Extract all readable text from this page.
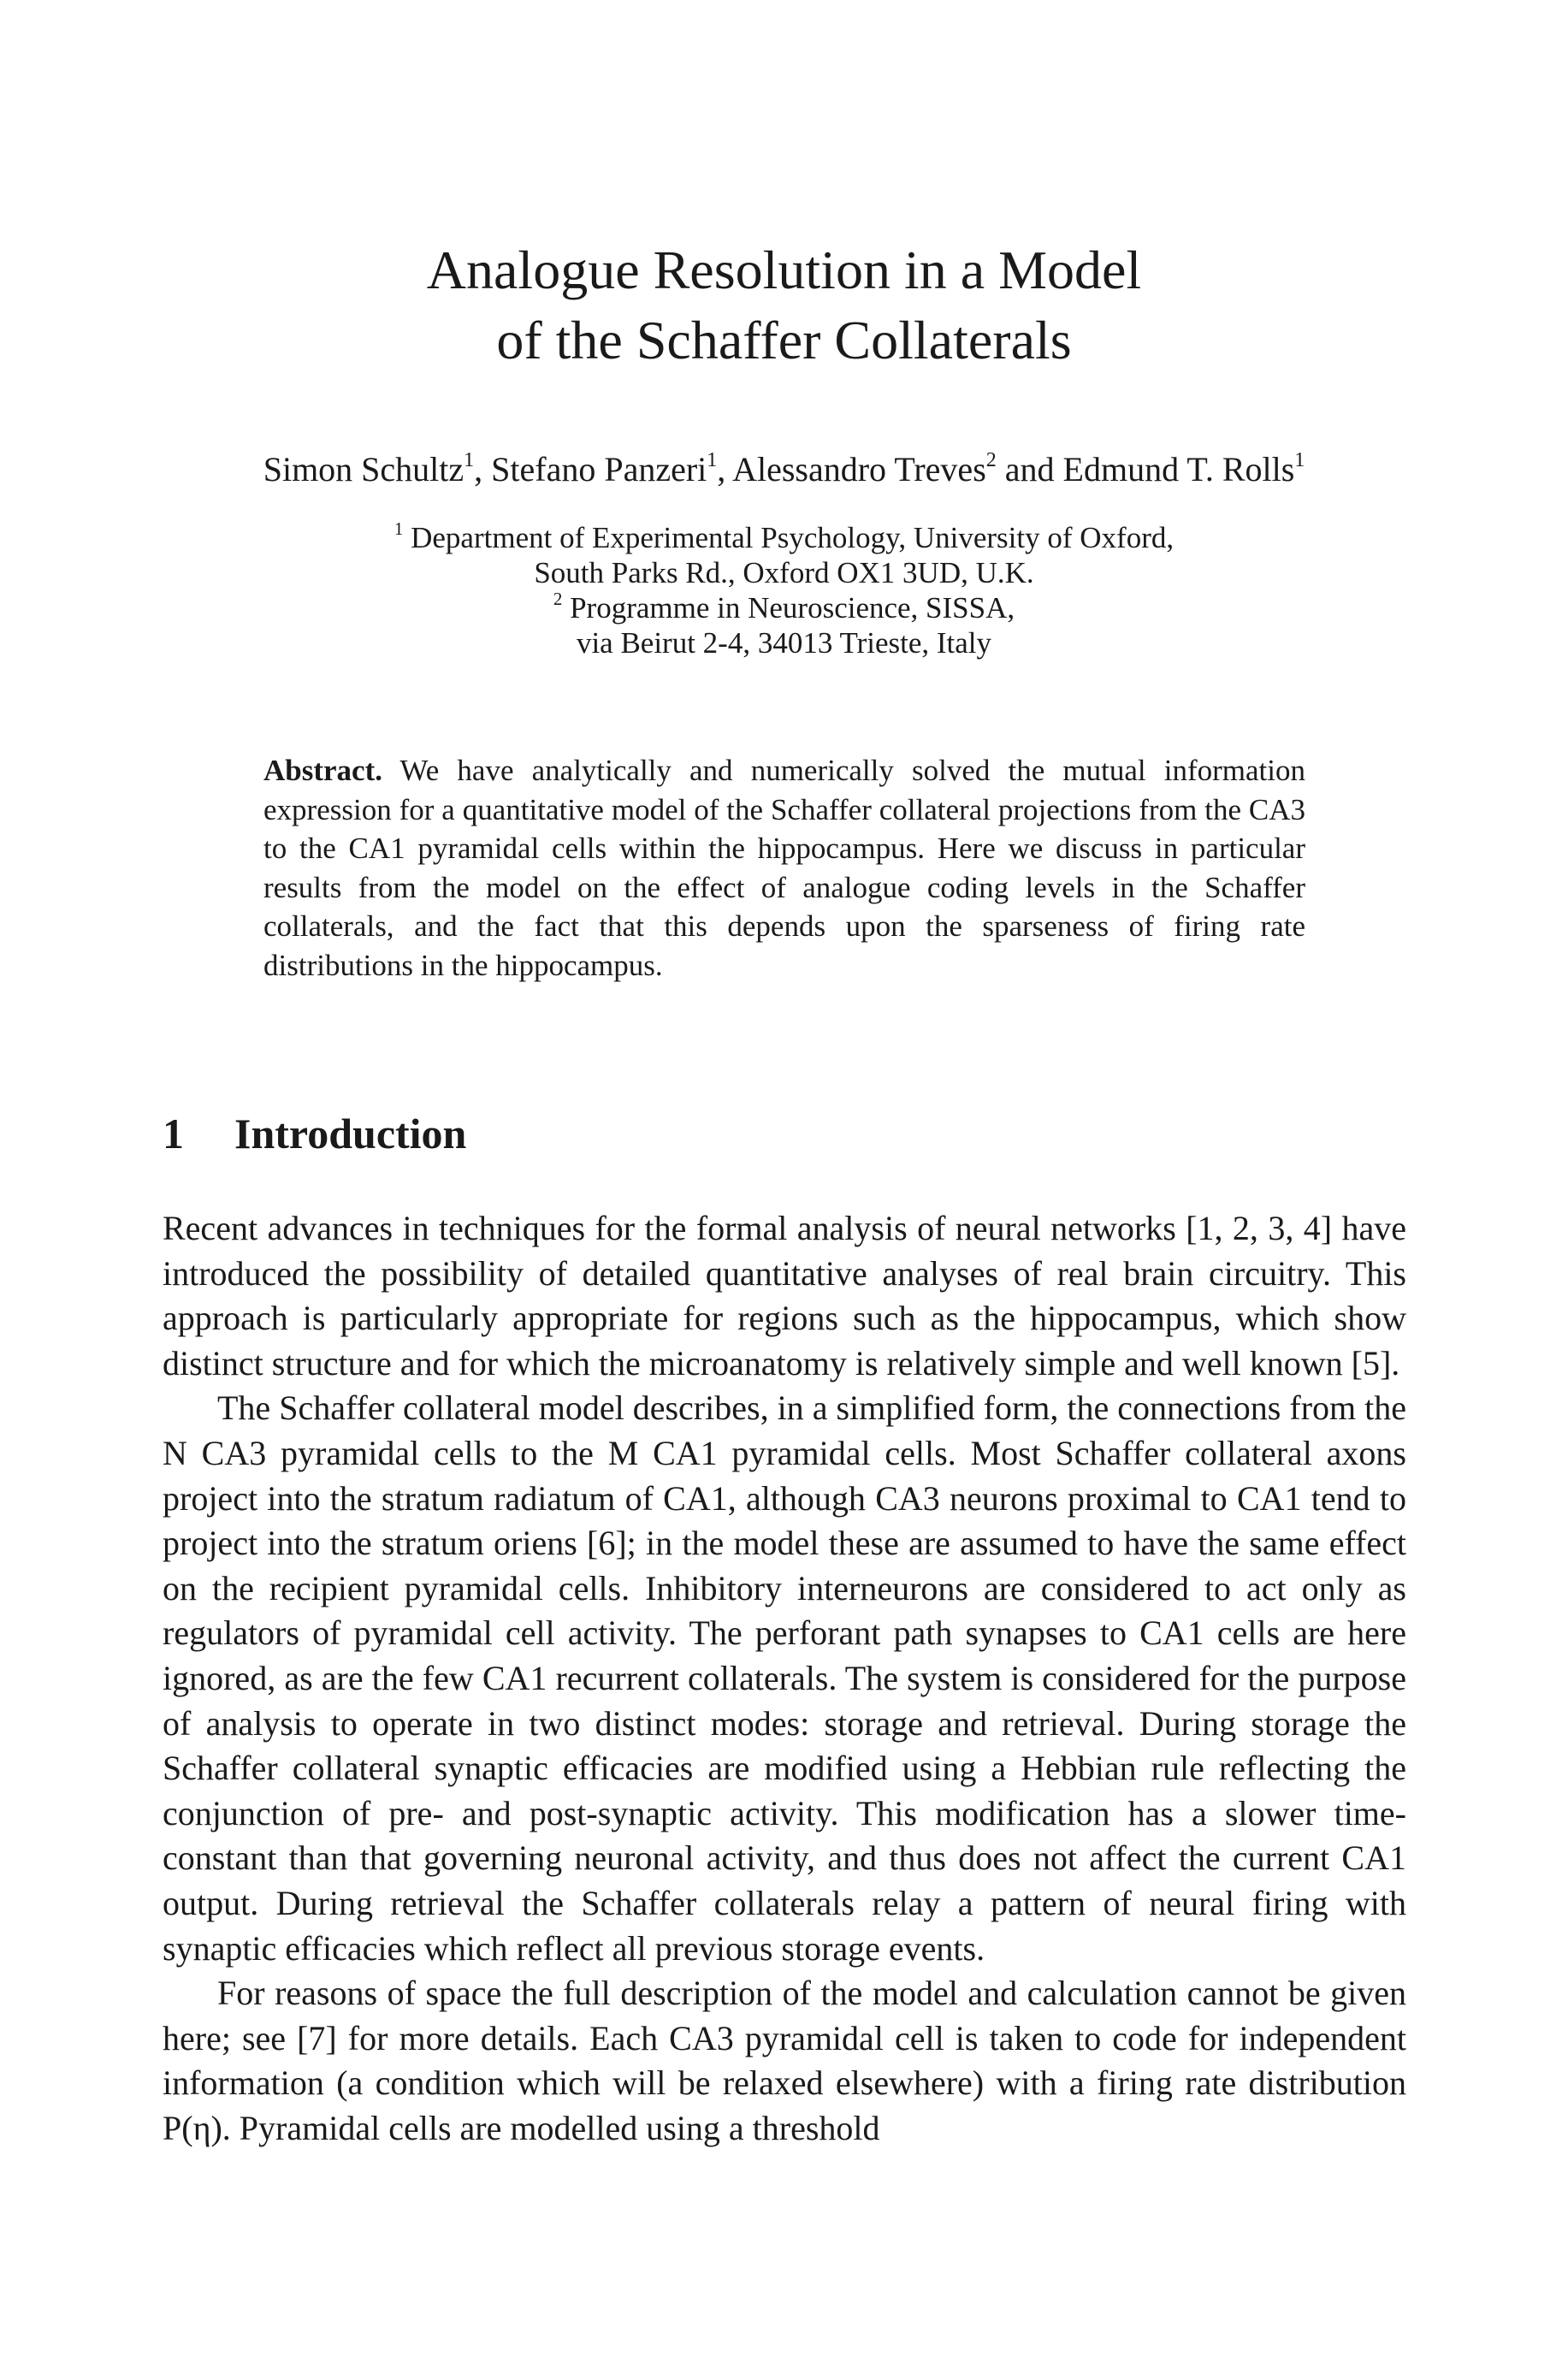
Analogue Resolution in a Model
of the Schaffer Collaterals
Simon Schultz$^1$, Stefano Panzeri$^1$, Alessandro Treves$^2$ and Edmund T. Rolls$^1$
$^1$ Department of Experimental Psychology, University of Oxford,
South Parks Rd., Oxford OX1 3UD, U.K.
$^2$ Programme in Neuroscience, SISSA,
via Beirut 2-4, 34013 Trieste, Italy

Abstract. We have analytically and numerically solved the mutual information expression for a quantitative model of the Schaffer collateral projections from the CA3 to the CA1 pyramidal cells within the hippocampus. Here we discuss in particular results from the model on the effect of analogue coding levels in the Schaffer collaterals, and the fact that this depends upon the sparseness of firing rate distributions in the hippocampus.

1 Introduction

Recent advances in techniques for the formal analysis of neural networks [1, 2, 3, 4] have introduced the possibility of detailed quantitative analyses of real brain circuitry. This approach is particularly appropriate for regions such as the hippocampus, which show distinct structure and for which the microanatomy is relatively simple and well known [5].

The Schaffer collateral model describes, in a simplified form, the connections from the N CA3 pyramidal cells to the M CA1 pyramidal cells. Most Schaffer collateral axons project into the stratum radiatum of CA1, although CA3 neurons proximal to CA1 tend to project into the stratum oriens [6]; in the model these are assumed to have the same effect on the recipient pyramidal cells. Inhibitory interneurons are considered to act only as regulators of pyramidal cell activity. The perforant path synapses to CA1 cells are here ignored, as are the few CA1 recurrent collaterals. The system is considered for the purpose of analysis to operate in two distinct modes: storage and retrieval. During storage the Schaffer collateral synaptic efficacies are modified using a Hebbian rule reflecting the conjunction of pre- and post-synaptic activity. This modification has a slower time-constant than that governing neuronal activity, and thus does not affect the current CA1 output. During retrieval the Schaffer collaterals relay a pattern of neural firing with synaptic efficacies which reflect all previous storage events.

For reasons of space the full description of the model and calculation cannot be given here; see [7] for more details. Each CA3 pyramidal cell is taken to code for independent information (a condition which will be relaxed elsewhere) with a firing rate distribution P(η). Pyramidal cells are modelled using a threshold
